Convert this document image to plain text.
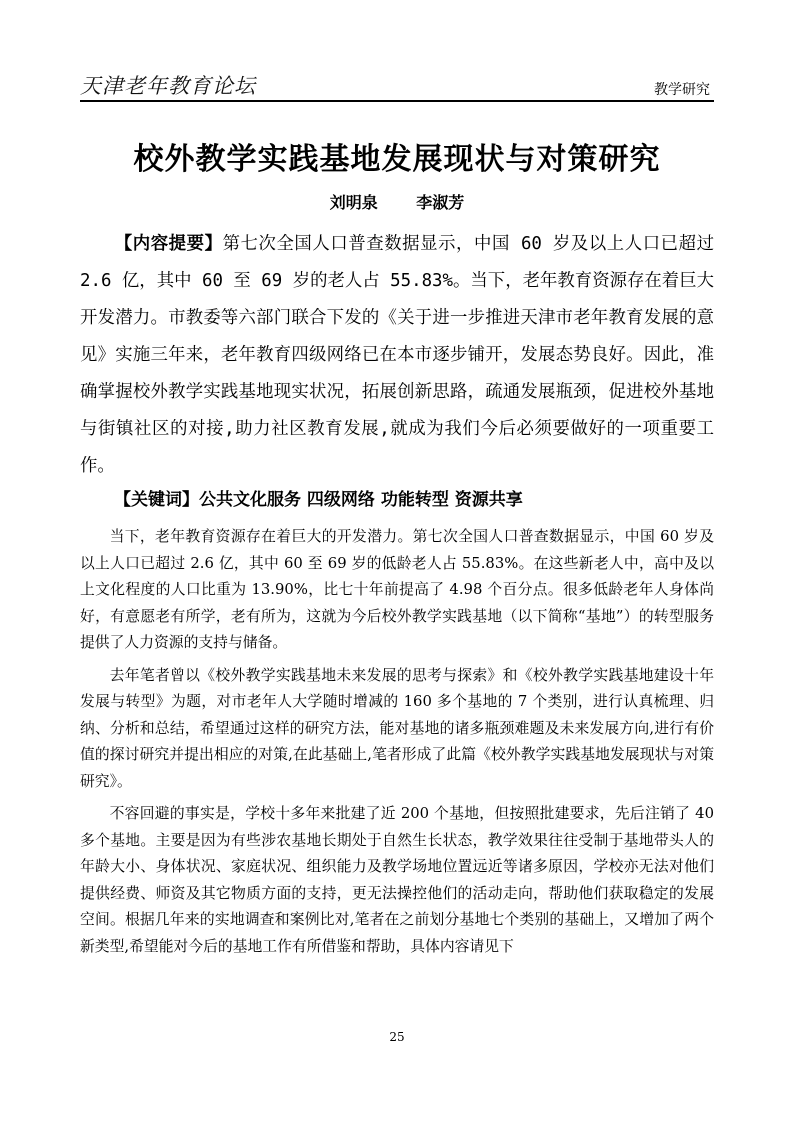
天津老年教育论坛	教学研究
校外教学实践基地发展现状与对策研究
刘明泉    李淑芳

【内容提要】第七次全国人口普查数据显示，中国 60 岁及以上人口已超过 2.6 亿，其中 60 至 69 岁的老人占 55.83%。当下，老年教育资源存在着巨大开发潜力。市教委等六部门联合下发的《关于进一步推进天津市老年教育发展的意见》实施三年来，老年教育四级网络已在本市逐步铺开，发展态势良好。因此，准确掌握校外教学实践基地现实状况，拓展创新思路，疏通发展瓶颈，促进校外基地与街镇社区的对接,助力社区教育发展,就成为我们今后必须要做好的一项重要工作。

【关键词】公共文化服务 四级网络 功能转型 资源共享

当下，老年教育资源存在着巨大的开发潜力。第七次全国人口普查数据显示，中国 60 岁及以上人口已超过 2.6 亿，其中 60 至 69 岁的低龄老人占 55.83%。在这些新老人中，高中及以上文化程度的人口比重为 13.90%，比七十年前提高了 4.98 个百分点。很多低龄老年人身体尚好，有意愿老有所学，老有所为，这就为今后校外教学实践基地（以下简称“基地”）的转型服务提供了人力资源的支持与储备。

去年笔者曾以《校外教学实践基地未来发展的思考与探索》和《校外教学实践基地建设十年发展与转型》为题，对市老年人大学随时增减的 160 多个基地的 7 个类别，进行认真梳理、归纳、分析和总结，希望通过这样的研究方法，能对基地的诸多瓶颈难题及未来发展方向,进行有价值的探讨研究并提出相应的对策,在此基础上,笔者形成了此篇《校外教学实践基地发展现状与对策研究》。

不容回避的事实是，学校十多年来批建了近 200 个基地，但按照批建要求，先后注销了 40 多个基地。主要是因为有些涉农基地长期处于自然生长状态，教学效果往往受制于基地带头人的年龄大小、身体状况、家庭状况、组织能力及教学场地位置远近等诸多原因，学校亦无法对他们提供经费、师资及其它物质方面的支持，更无法操控他们的活动走向，帮助他们获取稳定的发展空间。根据几年来的实地调查和案例比对,笔者在之前划分基地七个类别的基础上，又增加了两个新类型,希望能对今后的基地工作有所借鉴和帮助，具体内容请见下

25
